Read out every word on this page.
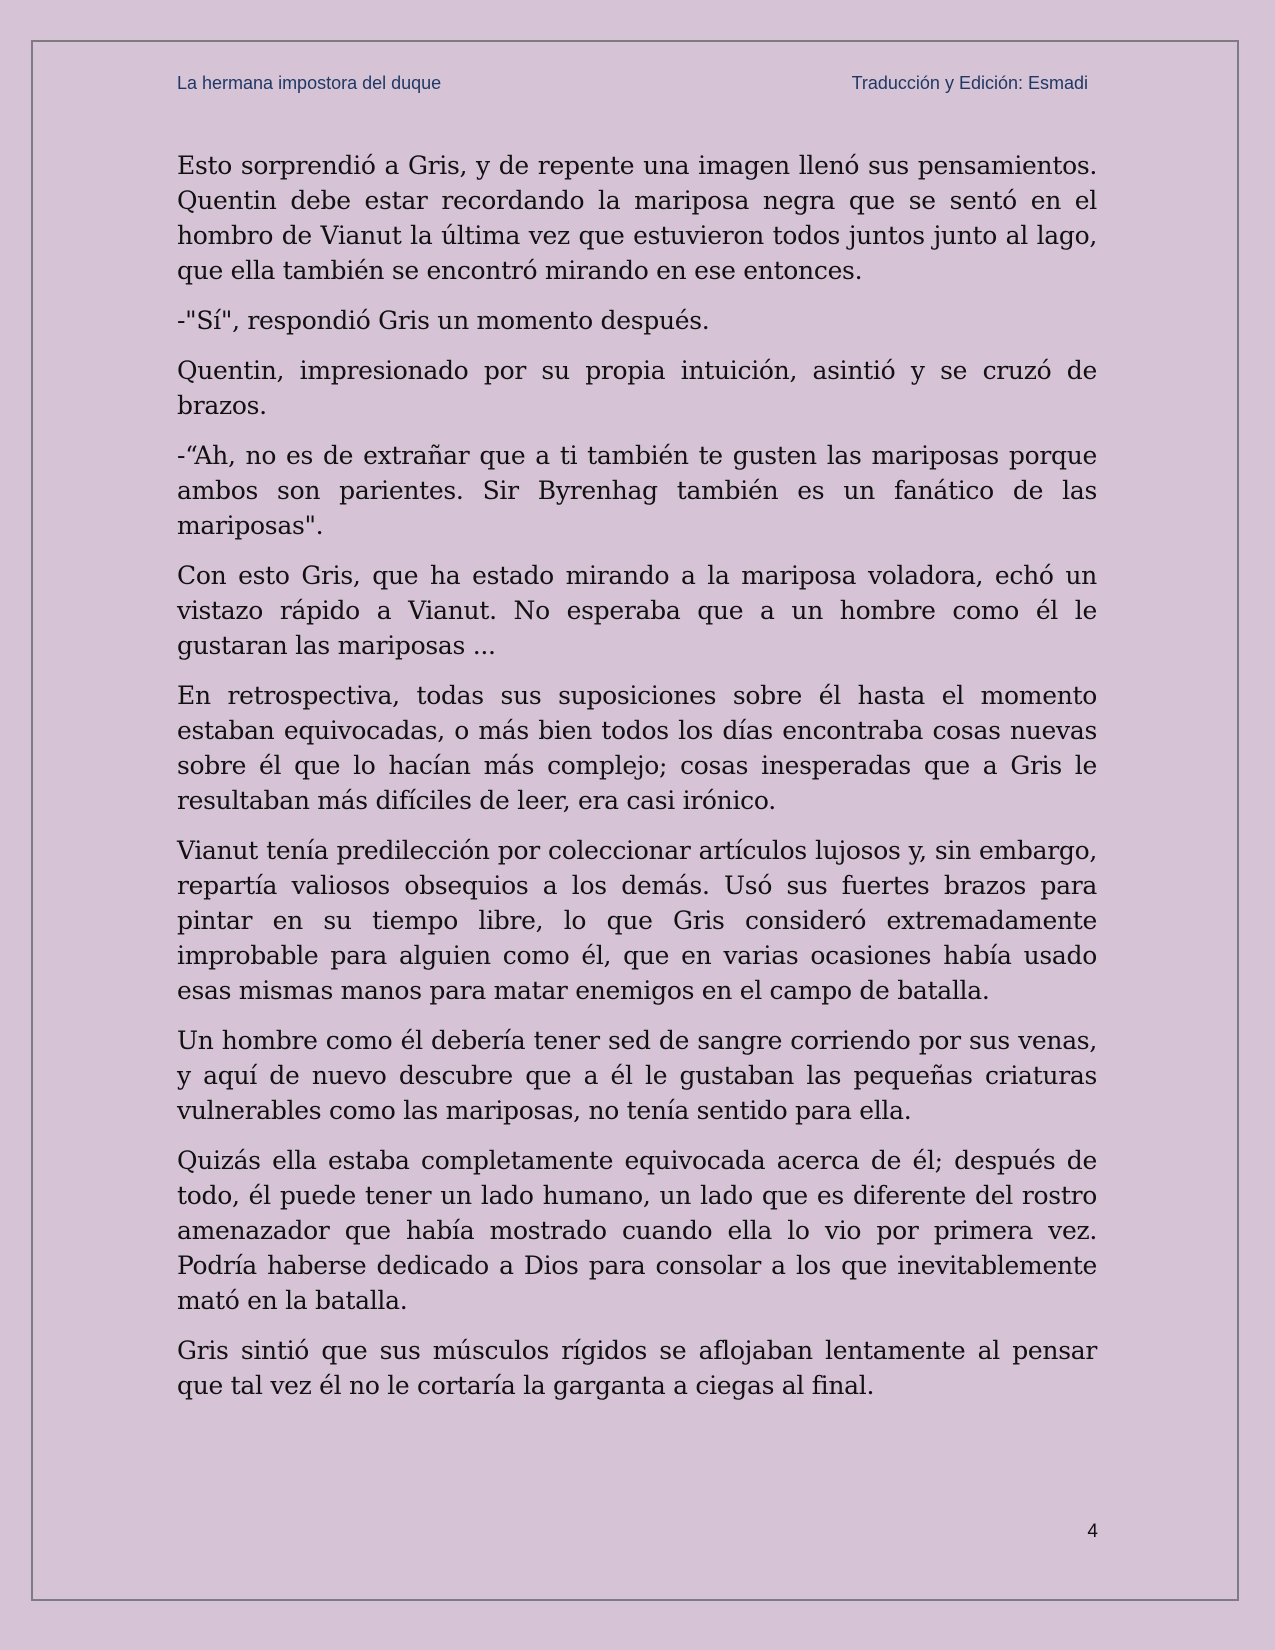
La hermana impostora del duque	Traducción y Edición: Esmadi

Esto sorprendió a Gris, y de repente una imagen llenó sus pensamientos. Quentin debe estar recordando la mariposa negra que se sentó en el hombro de Vianut la última vez que estuvieron todos juntos junto al lago, que ella también se encontró mirando en ese entonces.

-"Sí", respondió Gris un momento después.

Quentin, impresionado por su propia intuición, asintió y se cruzó de brazos.

-“Ah, no es de extrañar que a ti también te gusten las mariposas porque ambos son parientes. Sir Byrenhag también es un fanático de las mariposas".

Con esto Gris, que ha estado mirando a la mariposa voladora, echó un vistazo rápido a Vianut. No esperaba que a un hombre como él le gustaran las mariposas ...

En retrospectiva, todas sus suposiciones sobre él hasta el momento estaban equivocadas, o más bien todos los días encontraba cosas nuevas sobre él que lo hacían más complejo; cosas inesperadas que a Gris le resultaban más difíciles de leer, era casi irónico.

Vianut tenía predilección por coleccionar artículos lujosos y, sin embargo, repartía valiosos obsequios a los demás. Usó sus fuertes brazos para pintar en su tiempo libre, lo que Gris consideró extremadamente improbable para alguien como él, que en varias ocasiones había usado esas mismas manos para matar enemigos en el campo de batalla.

Un hombre como él debería tener sed de sangre corriendo por sus venas, y aquí de nuevo descubre que a él le gustaban las pequeñas criaturas vulnerables como las mariposas, no tenía sentido para ella.

Quizás ella estaba completamente equivocada acerca de él; después de todo, él puede tener un lado humano, un lado que es diferente del rostro amenazador que había mostrado cuando ella lo vio por primera vez. Podría haberse dedicado a Dios para consolar a los que inevitablemente mató en la batalla.

Gris sintió que sus músculos rígidos se aflojaban lentamente al pensar que tal vez él no le cortaría la garganta a ciegas al final.

4
